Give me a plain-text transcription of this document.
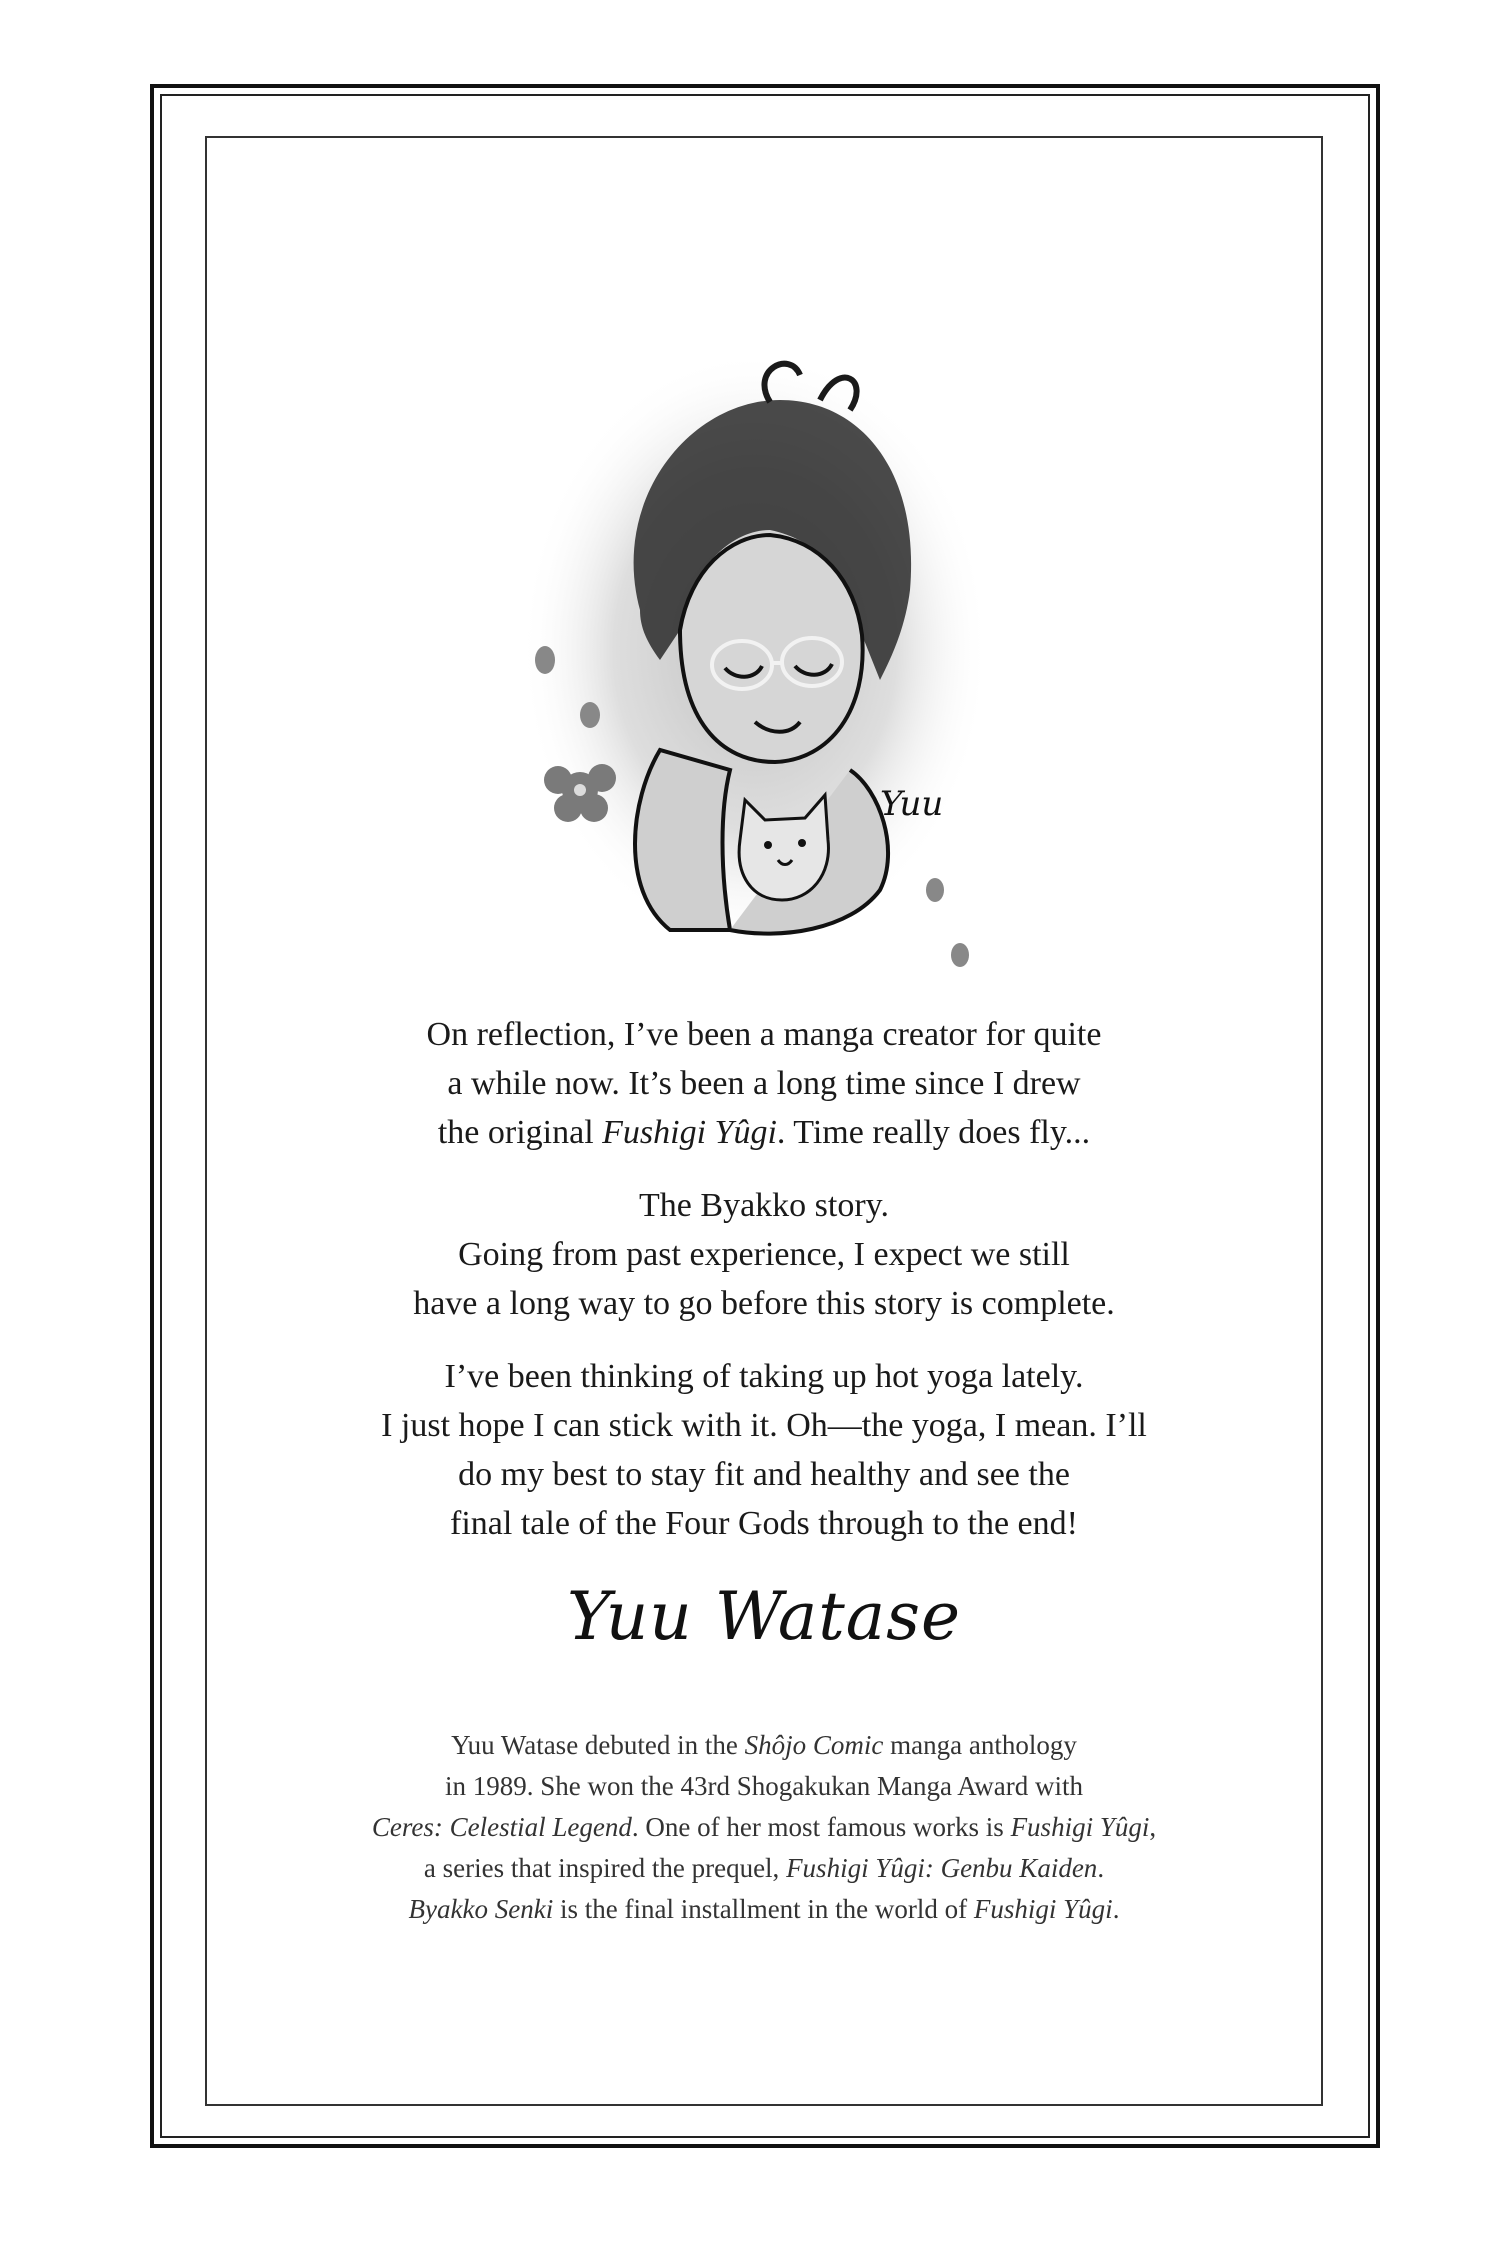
Yuu

On reflection, I’ve been a manga creator for quite
a while now. It’s been a long time since I drew
the original Fushigi Yûgi. Time really does fly...

The Byakko story.
Going from past experience, I expect we still
have a long way to go before this story is complete.

I’ve been thinking of taking up hot yoga lately.
I just hope I can stick with it. Oh—the yoga, I mean. I’ll
do my best to stay fit and healthy and see the
final tale of the Four Gods through to the end!

Yuu Watase

Yuu Watase debuted in the Shôjo Comic manga anthology

in 1989. She won the 43rd Shogakukan Manga Award with

Ceres: Celestial Legend. One of her most famous works is Fushigi Yûgi,

a series that inspired the prequel, Fushigi Yûgi: Genbu Kaiden.

Byakko Senki is the final installment in the world of Fushigi Yûgi.
